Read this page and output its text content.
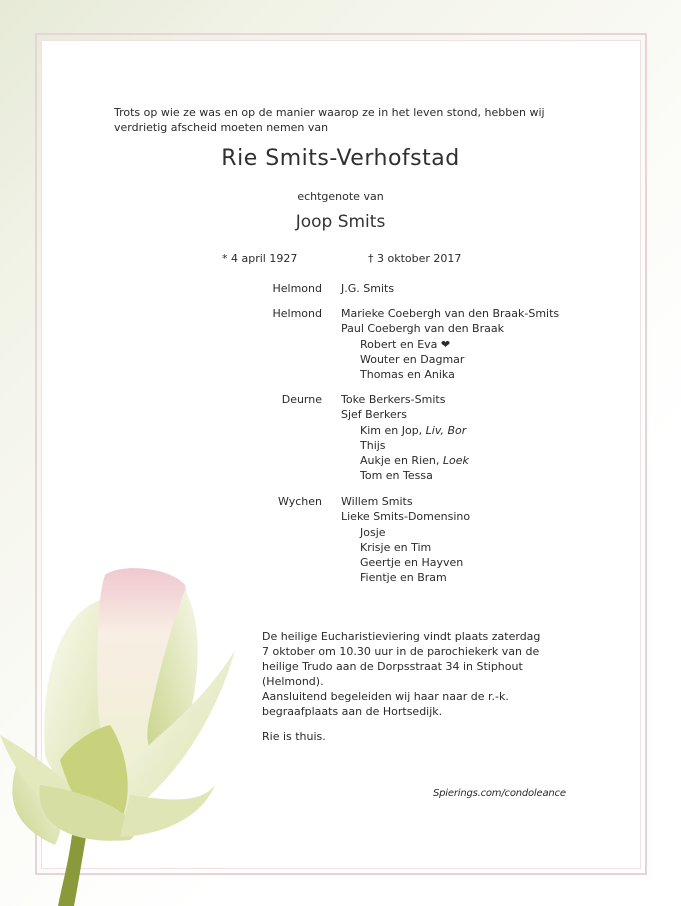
Trots op wie ze was en op de manier waarop ze in het leven stond, hebben wij
verdrietig afscheid moeten nemen van
Rie Smits-Verhofstad
echtgenote van
Joop Smits
* 4 april 1927	† 3 oktober 2017
Helmond J.G. Smits
Helmond Marieke Coebergh van den Braak-Smits
Paul Coebergh van den Braak
Robert en Eva ❤
Wouter en Dagmar
Thomas en Anika
Deurne Toke Berkers-Smits
Sjef Berkers
Kim en Jop, Liv, Bor
Thijs
Aukje en Rien, Loek
Tom en Tessa
Wychen Willem Smits
Lieke Smits-Domensino
Josje
Krisje en Tim
Geertje en Hayven
Fientje en Bram
De heilige Eucharistieviering vindt plaats zaterdag
7 oktober om 10.30 uur in de parochiekerk van de
heilige Trudo aan de Dorpsstraat 34 in Stiphout
(Helmond).
Aansluitend begeleiden wij haar naar de r.-k.
begraafplaats aan de Hortsedijk.
Rie is thuis.
Spierings.com/condoleance
